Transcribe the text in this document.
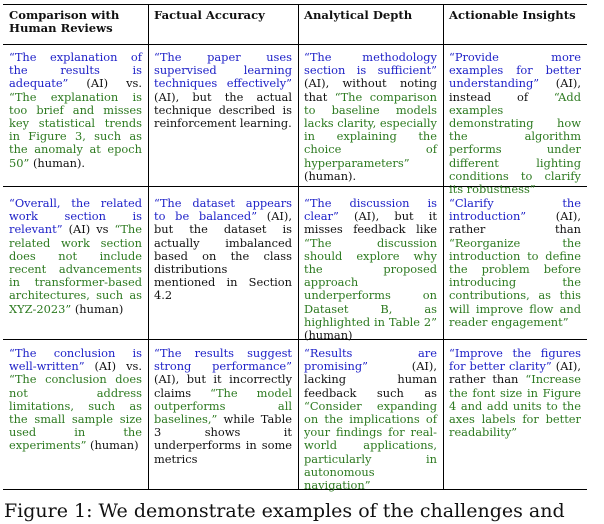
Comparison with Human Reviews
Factual Accuracy	Analytical Depth	Actionable Insights
“The explanation of the results is adequate” (AI) vs. “The explanation is too brief and misses key statistical trends in Figure 3, such as the anomaly at epoch 50” (human).
“The paper uses supervised learning techniques effectively” (AI), but the actual technique described is reinforcement learning.
“The methodology section is sufficient” (AI), without noting that “The comparison to baseline models lacks clarity, especially in explaining the choice of hyperparameters” (human).
“Provide more examples for better understanding” (AI), instead of “Add examples demonstrating how the algorithm performs under different lighting conditions to clarify its robustness”
“Overall, the related work section is relevant” (AI) vs “The related work section does not include recent advancements in transformer-based architectures, such as XYZ-2023” (human)
“The dataset appears to be balanced” (AI), but the dataset is actually imbalanced based on the class distributions mentioned in Section 4.2
“The discussion is clear” (AI), but it misses feedback like “The discussion should explore why the proposed approach underperforms on Dataset B, as highlighted in Table 2” (human)
“Clarify the introduction” (AI), rather than “Reorganize the introduction to define the problem before introducing the contributions, as this will improve flow and reader engagement”
“The conclusion is well-written” (AI) vs. “The conclusion does not address limitations, such as the small sample size used in the experiments” (human)
“The results suggest strong performance” (AI), but it incorrectly claims “The model outperforms all baselines,” while Table 3 shows it underperforms in some metrics
“Results are promising” (AI), lacking human feedback such as “Consider expanding on the implications of your findings for real-world applications, particularly in autonomous navigation”
“Improve the figures for better clarity” (AI), rather than “Increase the font size in Figure 4 and add units to the axes labels for better readability”
Figure 1: We demonstrate examples of the challenges and
